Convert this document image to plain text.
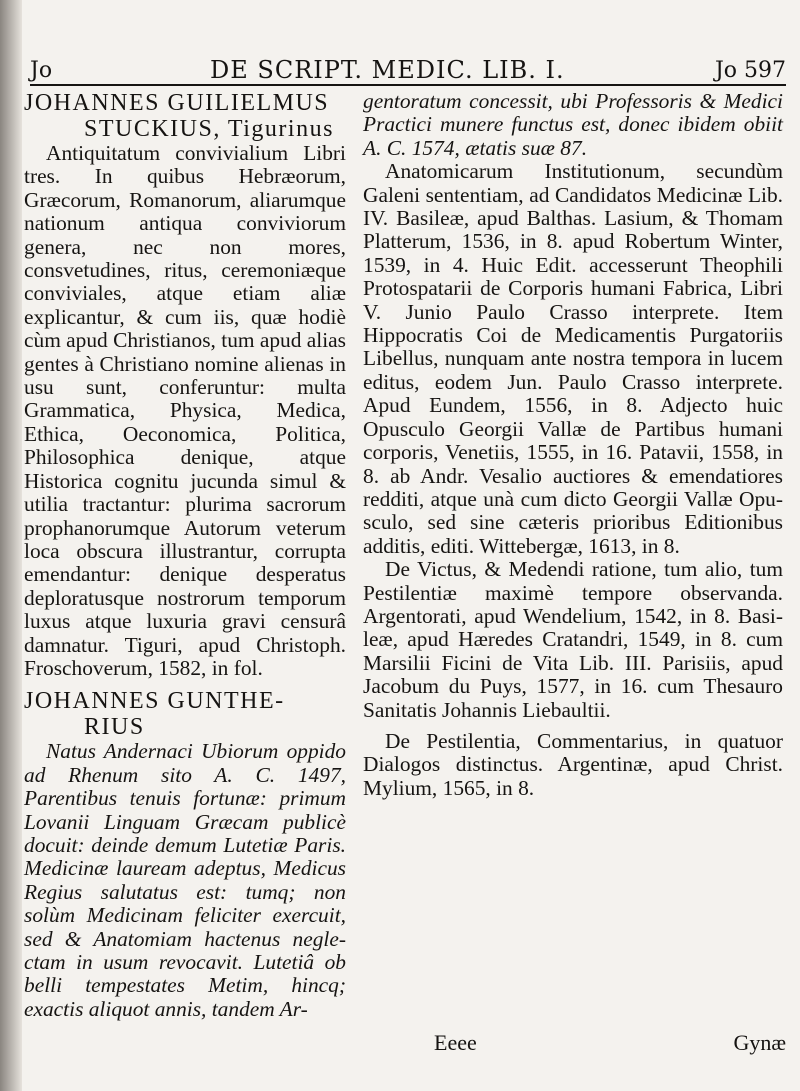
Jo	DE SCRIPT. MEDIC. LIB. I.	Jo 597

JOHANNES GUILIELMUS

STUCKIUS, Tigurinus

Antiquitatum convivialium Libri tres. In quibus Hebræorum, Græcorum, Romanorum, aliarumque nationum antiqua conviviorum genera, nec non mores, consvetudines, ritus, ceremoniæque conviviales, atque etiam aliæ explicantur, & cum iis, quæ hodiè cùm apud Christianos, tum apud alias gentes à Christiano nomine alienas in usu sunt, conferuntur: multa Grammatica, Physica, Medica, Ethica, Oeconomica, Politica, Philosophica denique, atque Historica cognitu jucunda simul & utilia tractantur: plurima sacrorum prophanorumque Autorum veterum loca obscura illustrantur, corrupta emendantur: denique desperatus deploratusque nostrorum temporum luxus atque luxuria gravi censurâ damnatur. Tiguri, apud Christoph. Froschoverum, 1582, in fol.

JOHANNES GUNTHE-

RIUS

Natus Andernaci Ubiorum oppido ad Rhenum sito A. C. 1497, Parentibus tenuis fortunæ: primum Lovanii Linguam Græcam publicè docuit: deinde demum Lutetiæ Paris. Medicinæ lauream adeptus, Medicus Regius salutatus est: tumq; non solùm Medicinam feliciter exercuit, sed & Anatomiam hactenus neglectam in usum revocavit. Lutetiâ ob belli tempestates Metim, hincq; exactis aliquot annis, tandem Ar-

gentoratum concessit, ubi Professoris & Medici Practici munere functus est, donec ibidem obiit A. C. 1574, ætatis suæ 87.

Anatomicarum Institutionum, secundùm Galeni sententiam, ad Candidatos Medicinæ Lib. IV. Basileæ, apud Balthas. Lasium, & Thomam Platterum, 1536, in 8. apud Robertum Winter, 1539, in 4. Huic Edit. accesserunt Theophili Protospatarii de Corporis humani Fabrica, Libri V. Junio Paulo Crasso interprete. Item Hippocratis Coi de Medicamentis Purgatoriis Libellus, nunquam ante nostra tempora in lucem editus, eodem Jun. Paulo Crasso interprete. Apud Eundem, 1556, in 8. Adjecto huic Opusculo Georgii Vallæ de Partibus humani corporis, Venetiis, 1555, in 16. Patavii, 1558, in 8. ab Andr. Vesalio auctiores & emendatiores redditi, atque unà cum dicto Georgii Vallæ Opusculo, sed sine cæteris prioribus Editionibus additis, editi. Wittebergæ, 1613, in 8.

De Victus, & Medendi ratione, tum alio, tum Pestilentiæ maximè tempore observanda. Argentorati, apud Wendelium, 1542, in 8. Basileæ, apud Hæredes Cratandri, 1549, in 8. cum Marsilii Ficini de Vita Lib. III. Parisiis, apud Jacobum du Puys, 1577, in 16. cum Thesauro Sanitatis Johannis Liebaultii.

De Pestilentia, Commentarius, in quatuor Dialogos distinctus. Argentinæ, apud Christ. Mylium, 1565, in 8.

Eeee	Gynæ
